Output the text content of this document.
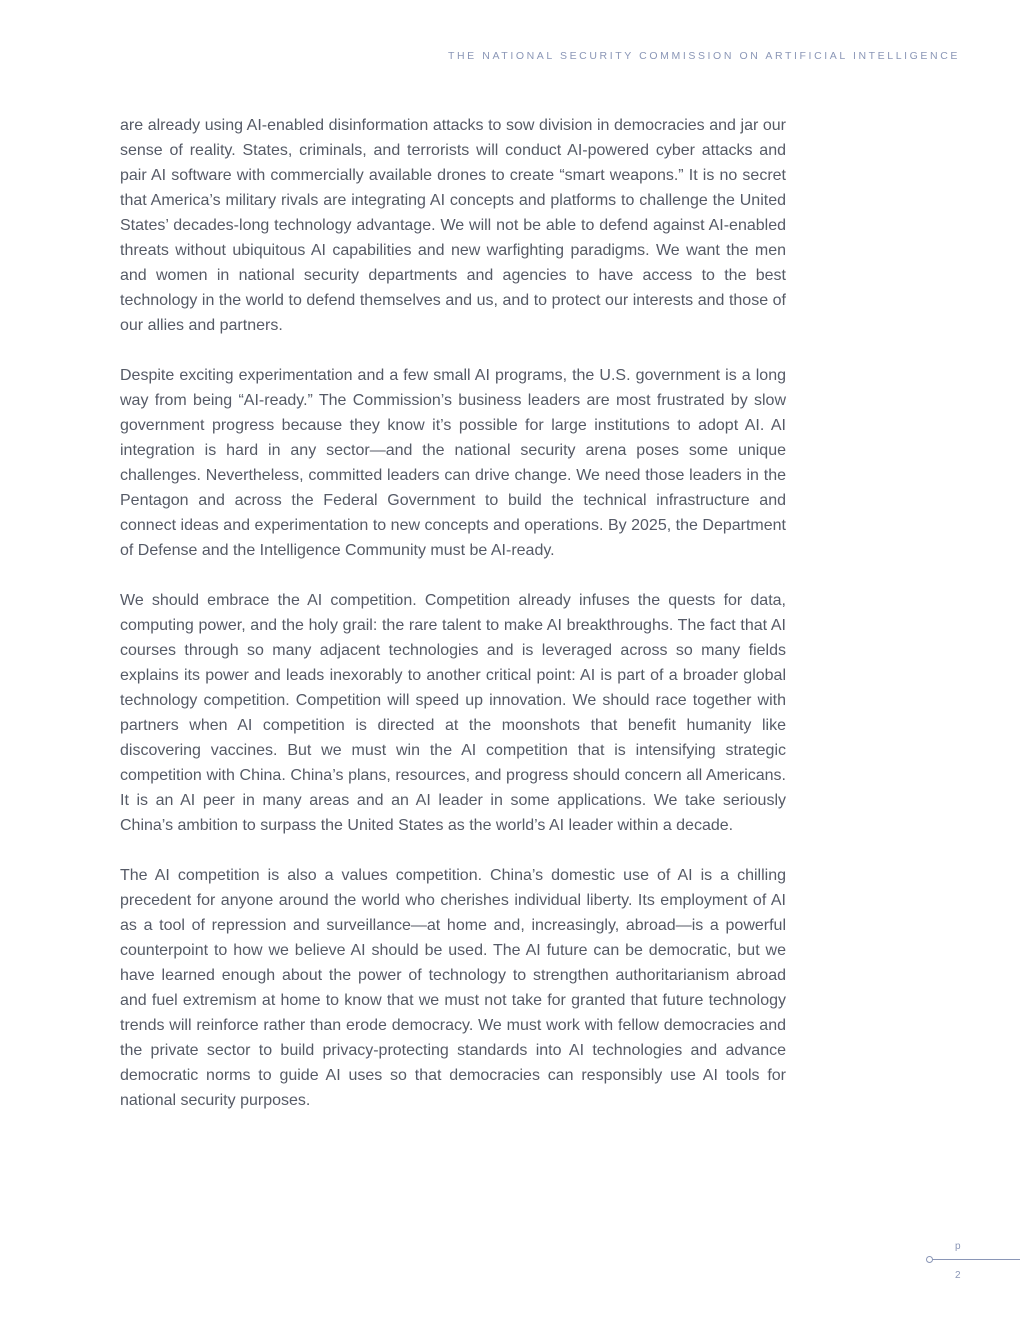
THE NATIONAL SECURITY COMMISSION ON ARTIFICIAL INTELLIGENCE

are already using AI-enabled disinformation attacks to sow division in democracies and jar our sense of reality. States, criminals, and terrorists will conduct AI-powered cyber attacks and pair AI software with commercially available drones to create “smart weapons.” It is no secret that America’s military rivals are integrating AI concepts and platforms to challenge the United States’ decades-long technology advantage. We will not be able to defend against AI-enabled threats without ubiquitous AI capabilities and new warfighting paradigms. We want the men and women in national security departments and agencies to have access to the best technology in the world to defend themselves and us, and to protect our interests and those of our allies and partners.

Despite exciting experimentation and a few small AI programs, the U.S. government is a long way from being “AI-ready.” The Commission’s business leaders are most frustrated by slow government progress because they know it’s possible for large institutions to adopt AI. AI integration is hard in any sector—and the national security arena poses some unique challenges. Nevertheless, committed leaders can drive change. We need those leaders in the Pentagon and across the Federal Government to build the technical infrastructure and connect ideas and experimentation to new concepts and operations. By 2025, the Department of Defense and the Intelligence Community must be AI-ready.

We should embrace the AI competition. Competition already infuses the quests for data, computing power, and the holy grail: the rare talent to make AI breakthroughs. The fact that AI courses through so many adjacent technologies and is leveraged across so many fields explains its power and leads inexorably to another critical point: AI is part of a broader global technology competition. Competition will speed up innovation. We should race together with partners when AI competition is directed at the moonshots that benefit humanity like discovering vaccines. But we must win the AI competition that is intensifying strategic competition with China. China’s plans, resources, and progress should concern all Americans. It is an AI peer in many areas and an AI leader in some applications. We take seriously China’s ambition to surpass the United States as the world’s AI leader within a decade.

The AI competition is also a values competition. China’s domestic use of AI is a chilling precedent for anyone around the world who cherishes individual liberty. Its employment of AI as a tool of repression and surveillance—at home and, increasingly, abroad—is a powerful counterpoint to how we believe AI should be used. The AI future can be democratic, but we have learned enough about the power of technology to strengthen authoritarianism abroad and fuel extremism at home to know that we must not take for granted that future technology trends will reinforce rather than erode democracy. We must work with fellow democracies and the private sector to build privacy-protecting standards into AI technologies and advance democratic norms to guide AI uses so that democracies can responsibly use AI tools for national security purposes.

p
2
